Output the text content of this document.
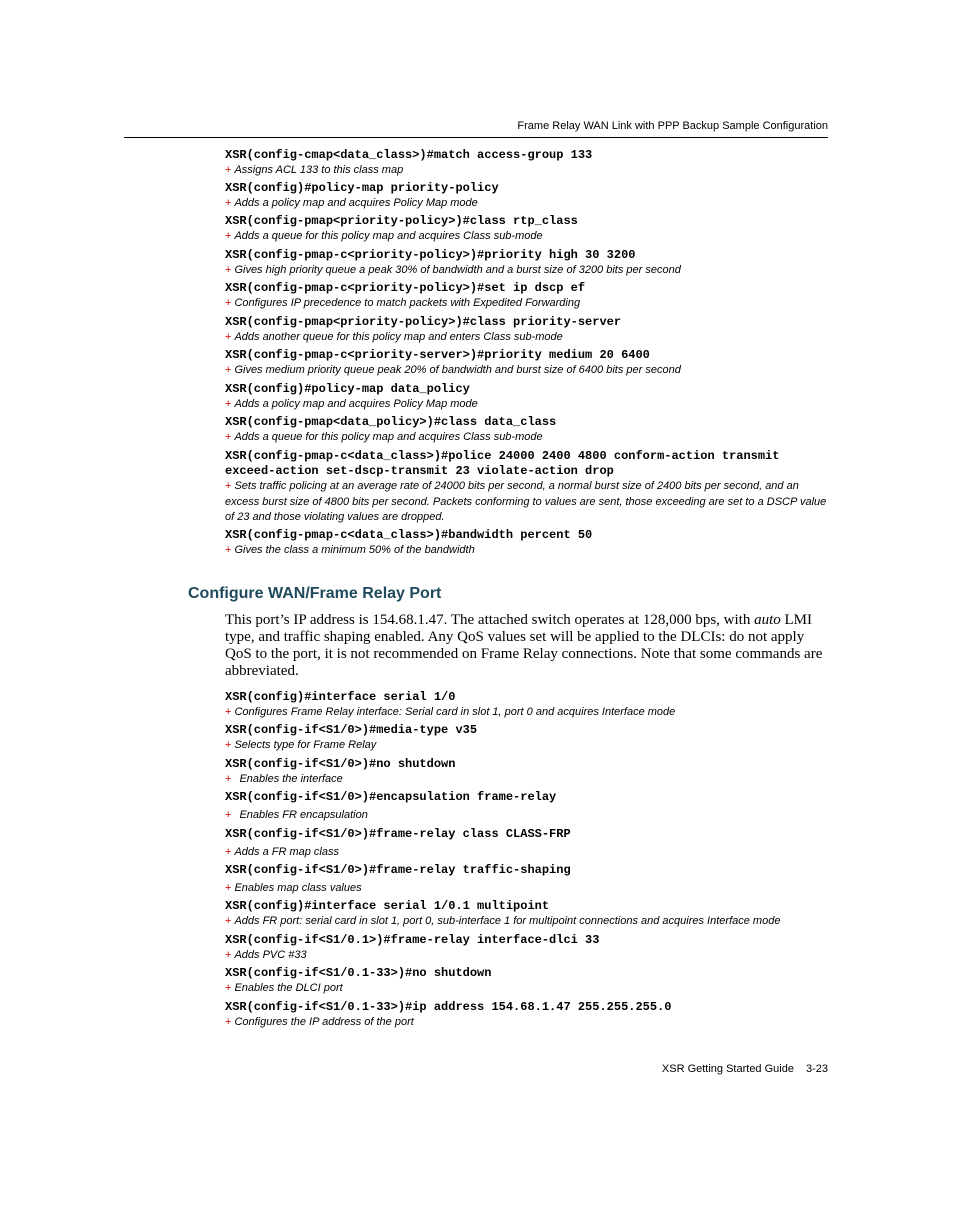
Frame Relay WAN Link with PPP Backup Sample Configuration
XSR(config-cmap<data_class>)#match access-group 133
+ Assigns ACL 133 to this class map
XSR(config)#policy-map priority-policy
+ Adds a policy map and acquires Policy Map mode
XSR(config-pmap<priority-policy>)#class rtp_class
+ Adds a queue for this policy map and acquires Class sub-mode
XSR(config-pmap-c<priority-policy>)#priority high 30 3200
+ Gives high priority queue a peak 30% of bandwidth and a burst size of 3200 bits per second
XSR(config-pmap-c<priority-policy>)#set ip dscp ef
+ Configures IP precedence to match packets with Expedited Forwarding
XSR(config-pmap<priority-policy>)#class priority-server
+ Adds another queue for this policy map and enters Class sub-mode
XSR(config-pmap-c<priority-server>)#priority medium 20 6400
+ Gives medium priority queue peak 20% of bandwidth and burst size of 6400 bits per second
XSR(config)#policy-map data_policy
+ Adds a policy map and acquires Policy Map mode
XSR(config-pmap<data_policy>)#class data_class
+ Adds a queue for this policy map and acquires Class sub-mode
XSR(config-pmap-c<data_class>)#police 24000 2400 4800 conform-action transmit exceed-action set-dscp-transmit 23 violate-action drop
+ Sets traffic policing at an average rate of 24000 bits per second, a normal burst size of 2400 bits per second, and an excess burst size of 4800 bits per second. Packets conforming to values are sent, those exceeding are set to a DSCP value of 23 and those violating values are dropped.
XSR(config-pmap-c<data_class>)#bandwidth percent 50
+ Gives the class a minimum 50% of the bandwidth
Configure WAN/Frame Relay Port

This port’s IP address is 154.68.1.47. The attached switch operates at 128,000 bps, with auto LMI type, and traffic shaping enabled. Any QoS values set will be applied to the DLCIs: do not apply QoS to the port, it is not recommended on Frame Relay connections. Note that some commands are abbreviated.

XSR(config)#interface serial 1/0
+ Configures Frame Relay interface: Serial card in slot 1, port 0 and acquires Interface mode
XSR(config-if<S1/0>)#media-type v35
+ Selects type for Frame Relay
XSR(config-if<S1/0>)#no shutdown
+ Enables the interface
XSR(config-if<S1/0>)#encapsulation frame-relay
+ Enables FR encapsulation
XSR(config-if<S1/0>)#frame-relay class CLASS-FRP
+ Adds a FR map class
XSR(config-if<S1/0>)#frame-relay traffic-shaping
+ Enables map class values
XSR(config)#interface serial 1/0.1 multipoint
+ Adds FR port: serial card in slot 1, port 0, sub-interface 1 for multipoint connections and acquires Interface mode
XSR(config-if<S1/0.1>)#frame-relay interface-dlci 33
+ Adds PVC #33
XSR(config-if<S1/0.1-33>)#no shutdown
+ Enables the DLCI port
XSR(config-if<S1/0.1-33>)#ip address 154.68.1.47 255.255.255.0
+ Configures the IP address of the port
XSR Getting Started Guide 3-23
